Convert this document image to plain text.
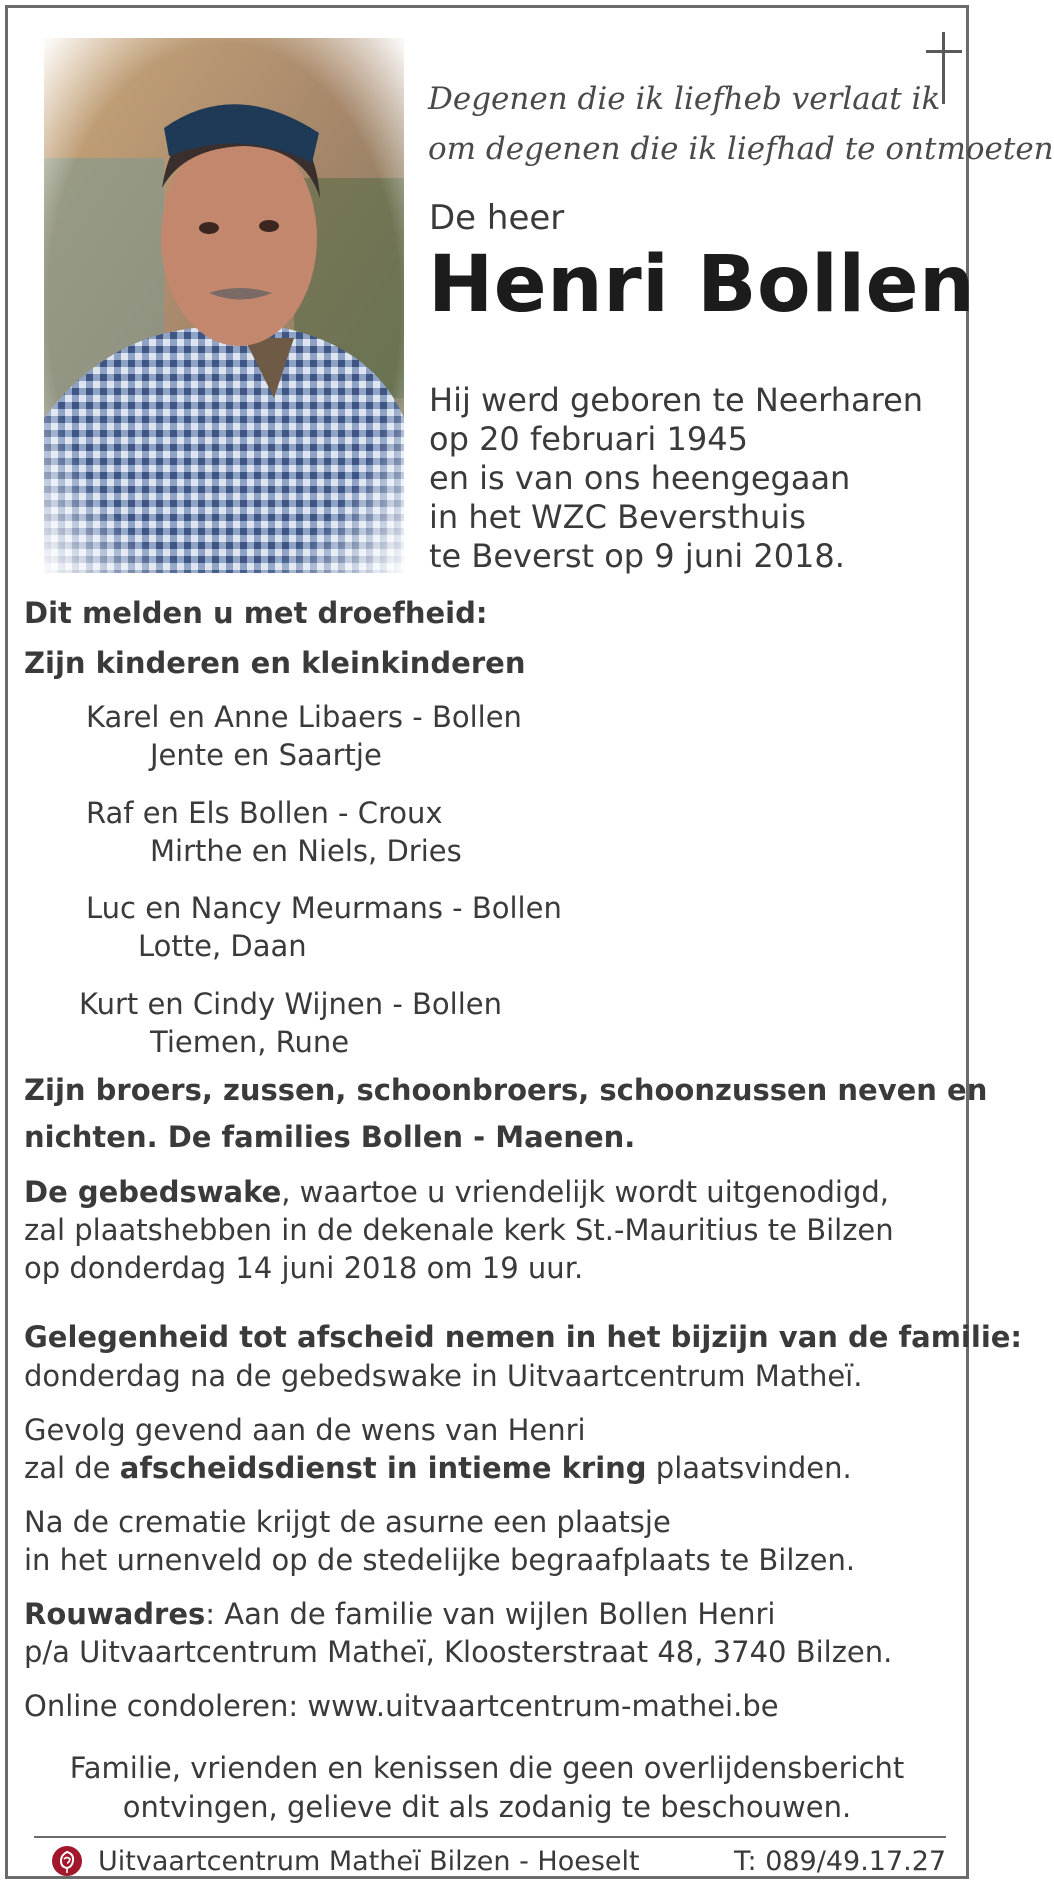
Degenen die ik liefheb verlaat ik
om degenen die ik liefhad te ontmoeten
De heer
Henri Bollen
Hij werd geboren te Neerharen
op 20 februari 1945
en is van ons heengegaan
in het WZC Beversthuis
te Beverst op 9 juni 2018.
Dit melden u met droefheid:
Zijn kinderen en kleinkinderen
Karel en Anne Libaers - Bollen
Jente en Saartje
Raf en Els Bollen - Croux
Mirthe en Niels, Dries
Luc en Nancy Meurmans - Bollen
Lotte, Daan
Kurt en Cindy Wijnen - Bollen
Tiemen, Rune
Zijn broers, zussen, schoonbroers, schoonzussen neven en
nichten. De families Bollen - Maenen.
De gebedswake, waartoe u vriendelijk wordt uitgenodigd,
zal plaatshebben in de dekenale kerk St.-Mauritius te Bilzen
op donderdag 14 juni 2018 om 19 uur.
Gelegenheid tot afscheid nemen in het bijzijn van de familie:
donderdag na de gebedswake in Uitvaartcentrum Matheï.
Gevolg gevend aan de wens van Henri
zal de afscheidsdienst in intieme kring plaatsvinden.
Na de crematie krijgt de asurne een plaatsje
in het urnenveld op de stedelijke begraafplaats te Bilzen.
Rouwadres: Aan de familie van wijlen Bollen Henri
p/a Uitvaartcentrum Matheï, Kloosterstraat 48, 3740 Bilzen.
Online condoleren: www.uitvaartcentrum-mathei.be
Familie, vrienden en kenissen die geen overlijdensbericht
ontvingen, gelieve dit als zodanig te beschouwen.
Uitvaartcentrum Matheï Bilzen - Hoeselt	T: 089/49.17.27
